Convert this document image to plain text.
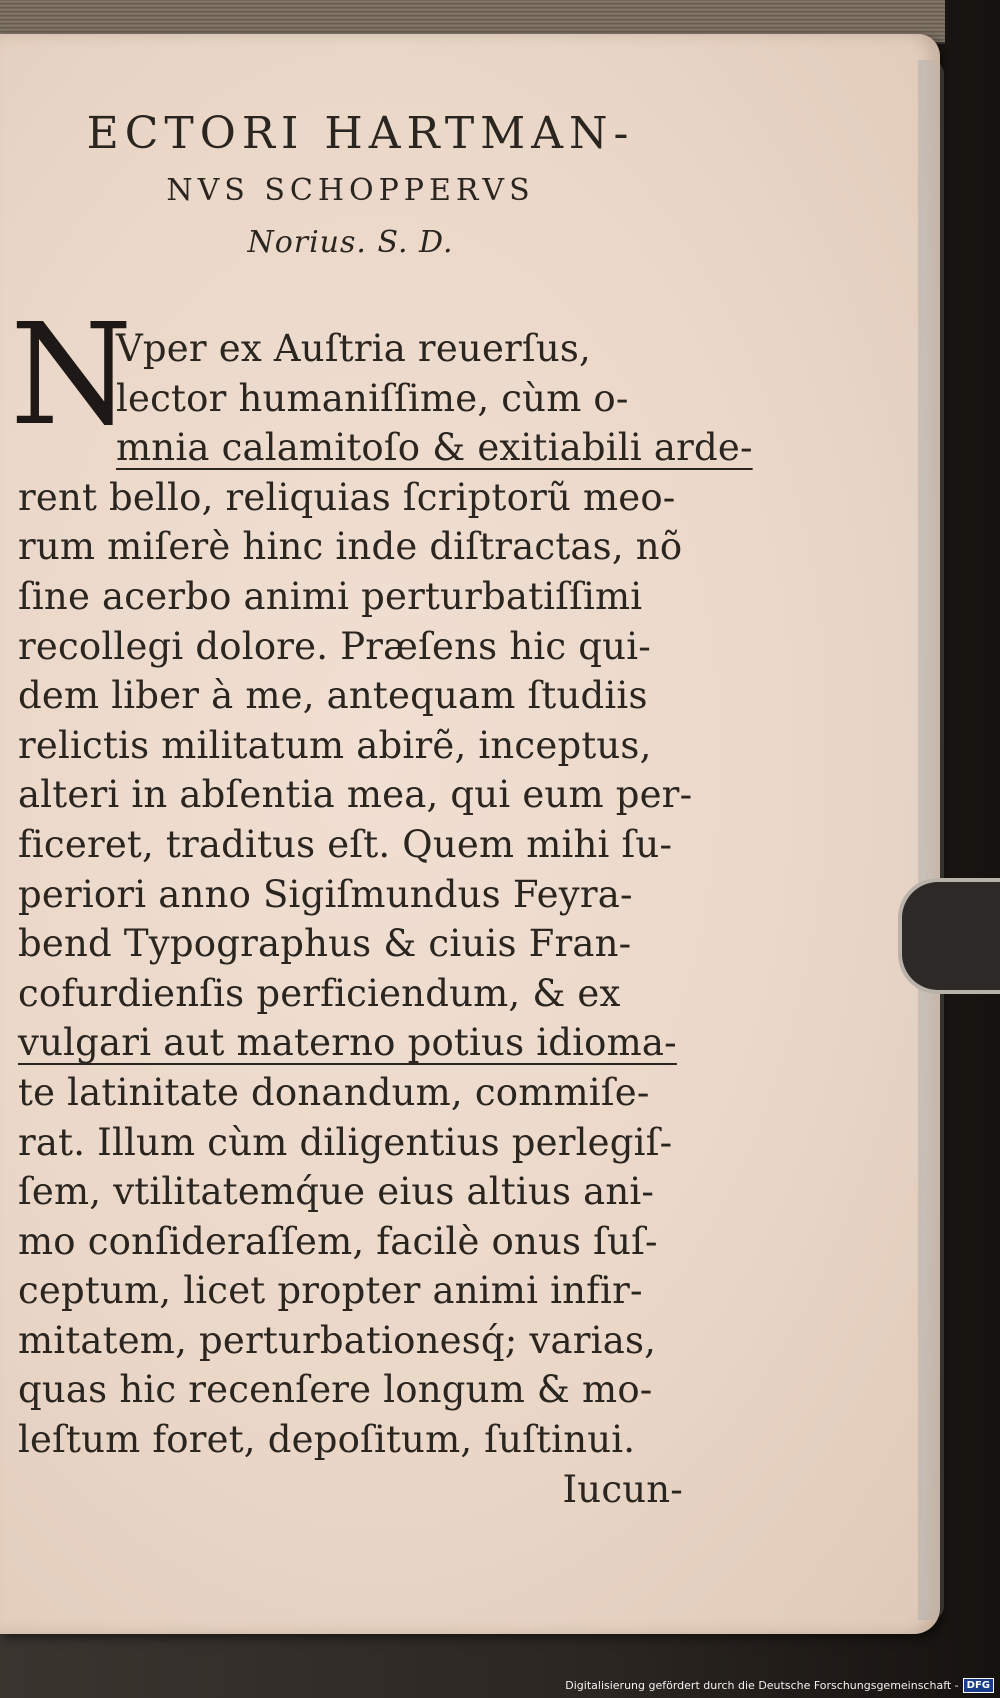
ECTORI HARTMAN-

NVS SCHOPPERVS

Norius. S. D.

N
Vper ex Auſtria reuerſus,
lector humaniſſime, cùm o-
mnia calamitoſo & exitiabili arde-
rent bello, reliquias ſcriptorũ meo-
rum miſerè hinc inde diſtractas, nõ
ſine acerbo animi perturbatiſſimi
recollegi dolore. Præſens hic qui-
dem liber à me, antequam ſtudiis
relictis militatum abirẽ, inceptus,
alteri in abſentia mea, qui eum per-
ficeret, traditus eſt. Quem mihi ſu-
periori anno Sigiſmundus Feyra-
bend Typographus & ciuis Fran-
cofurdienſis perficiendum, & ex
vulgari aut materno potius idioma-
te latinitate donandum, commiſe-
rat. Illum cùm diligentius perlegiſ-
ſem, vtilitatemq́ue eius altius ani-
mo conſideraſſem, facilè onus ſuſ-
ceptum, licet propter animi infir-
mitatem, perturbationesq́; varias,
quas hic recenſere longum & mo-
leſtum foret, depoſitum, ſuſtinui.
Iucun-
Digitalisierung gefördert durch die Deutsche Forschungsgemeinschaft - DFG
